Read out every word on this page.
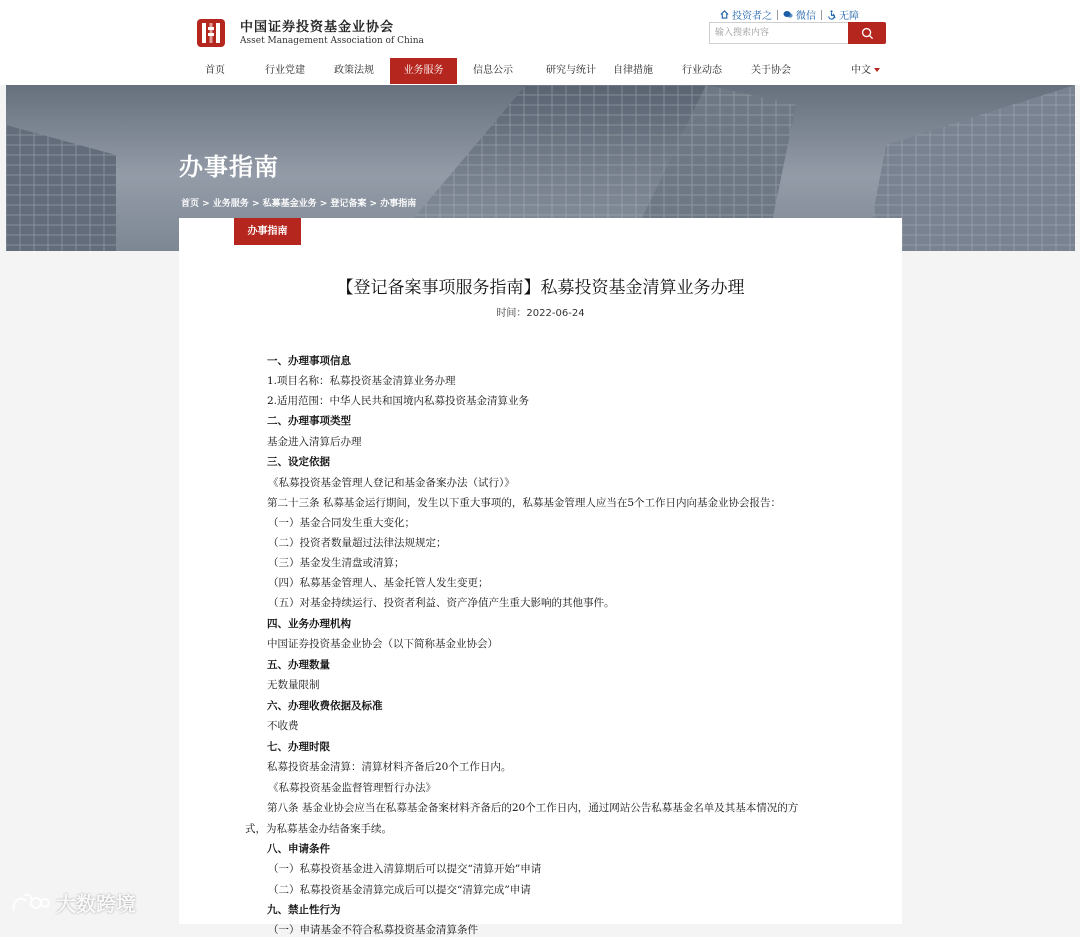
中国证券投资基金业协会
Asset Management Association of China
投资者之 微信 无障
输入搜索内容
首页	行业党建	政策法规	业务服务	信息公示	研究与统计	自律措施	行业动态	关于协会	中文
办事指南
首页 > 业务服务 > 私募基金业务 > 登记备案 > 办事指南
办事指南
【登记备案事项服务指南】私募投资基金清算业务办理
时间：2022-06-24
一、办理事项信息
1.项目名称：私募投资基金清算业务办理
2.适用范围：中华人民共和国境内私募投资基金清算业务
二、办理事项类型
基金进入清算后办理
三、设定依据
《私募投资基金管理人登记和基金备案办法（试行）》
第二十三条 私募基金运行期间，发生以下重大事项的，私募基金管理人应当在5个工作日内向基金业协会报告：
（一）基金合同发生重大变化；
（二）投资者数量超过法律法规规定；
（三）基金发生清盘或清算；
（四）私募基金管理人、基金托管人发生变更；
（五）对基金持续运行、投资者利益、资产净值产生重大影响的其他事件。
四、业务办理机构
中国证券投资基金业协会（以下简称基金业协会）
五、办理数量
无数量限制
六、办理收费依据及标准
不收费
七、办理时限
私募投资基金清算：清算材料齐备后20个工作日内。
《私募投资基金监督管理暂行办法》
第八条 基金业协会应当在私募基金备案材料齐备后的20个工作日内，通过网站公告私募基金名单及其基本情况的方
式，为私募基金办结备案手续。
八、申请条件
（一）私募投资基金进入清算期后可以提交“清算开始”申请
（二）私募投资基金清算完成后可以提交“清算完成”申请
九、禁止性行为
（一）申请基金不符合私募投资基金清算条件
大数跨境
